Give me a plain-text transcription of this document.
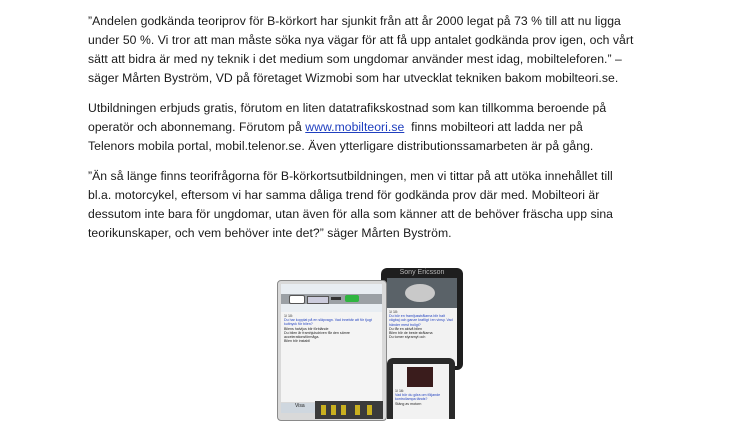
”Andelen godkända teoriprov för B-körkort har sjunkit från att år 2000 legat på 73 % till att nu ligga
under 50 %. Vi tror att man måste söka nya vägar för att få upp antalet godkända prov igen, och vårt
sätt att bidra är med ny teknik i det medium som ungdomar använder mest idag, mobilteleforen.” –
säger Mårten Byström, VD på företaget Wizmobi som har utvecklat tekniken bakom mobilteori.se.

Utbildningen erbjuds gratis, förutom en liten datatrafikskostnad som kan tillkomma beroende på
operatör och abonnemang. Förutom på www.mobilteori.se  finns mobilteori att ladda ner på
Telenors mobila portal, mobil.telenor.se. Även ytterligare distributionssamarbeten är på gång.

”Än så länge finns teorifrågorna för B-körkortsutbildningen, men vi tittar på att utöka innehållet till
bl.a. motorcykel, eftersom vi har samma dåliga trend för godkända prov där med. Mobilteori är
dessutom inte bara för ungdomar, utan även för alla som känner att de behöver fräscha upp sina
teorikunskaper, och vem behöver inte det?” säger Mårten Byström.

Sony Ericsson
1/ 10:
Du bör en framljusstrålarna blir halt vägbaj och ganze krafligt i en vinsy. Vad händer mest troligt?
Du får en aktvå bilen
Bilen blir de beste strålarna
Du tomer styrarnyt och
1/ 10:
Du har kopplat på en släpvagn. Vad innebär att för tjugt kultnyck för bilen?
Bilens halvljus blir förblände
Du bilen år framhjulsdriven får den sämre accelerationsförmåga.
Bilen blir instabil
Visa
1/ 16:
Vad bör du göra om följande kontrollampa tänds?
Stäng av motorn
